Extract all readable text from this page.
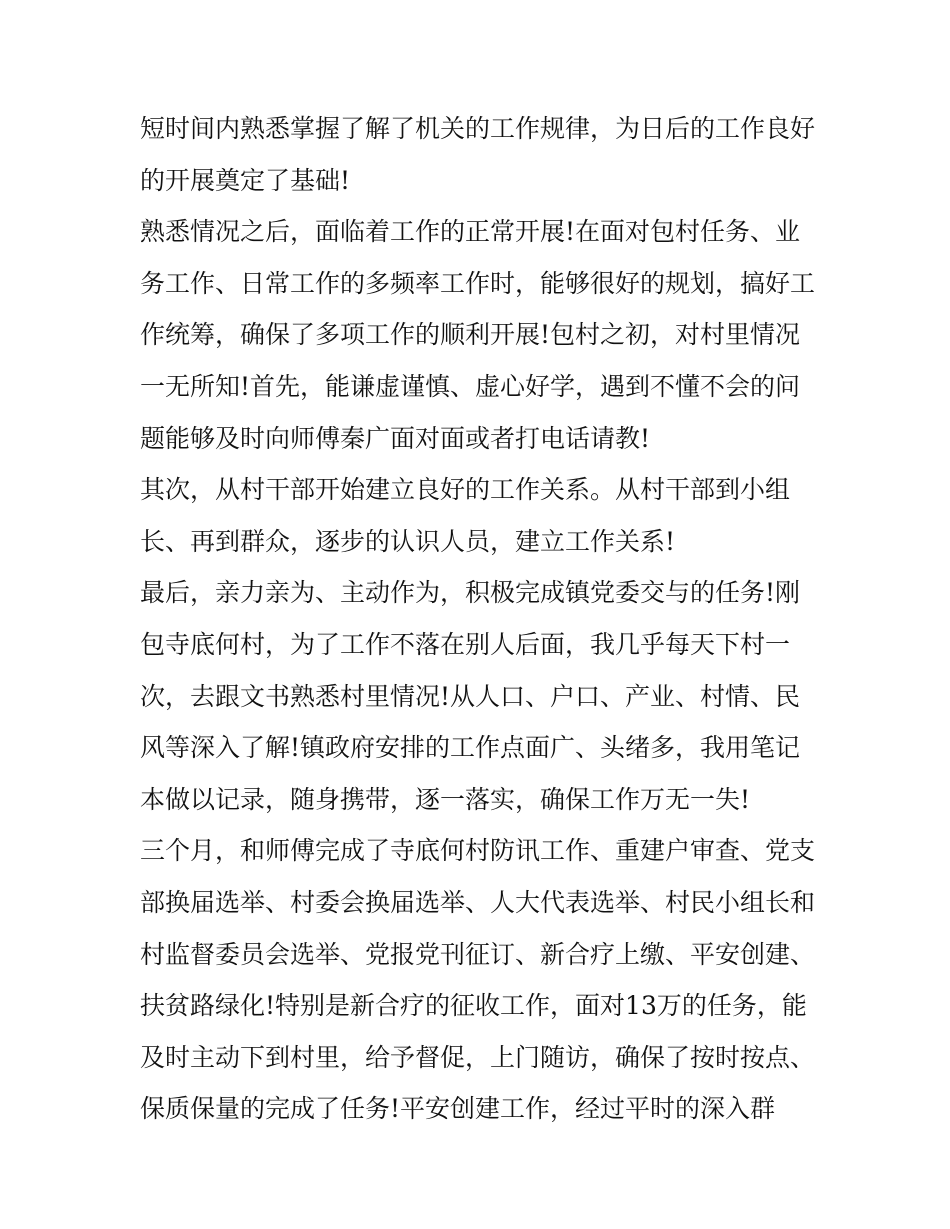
短时间内熟悉掌握了解了机关的工作规律，为日后的工作良好
的开展奠定了基础!
熟悉情况之后，面临着工作的正常开展!在面对包村任务、业
务工作、日常工作的多频率工作时，能够很好的规划，搞好工
作统筹，确保了多项工作的顺利开展!包村之初，对村里情况
一无所知!首先，能谦虚谨慎、虚心好学，遇到不懂不会的问
题能够及时向师傅秦广面对面或者打电话请教!
其次，从村干部开始建立良好的工作关系。从村干部到小组
长、再到群众，逐步的认识人员，建立工作关系!
最后，亲力亲为、主动作为，积极完成镇党委交与的任务!刚
包寺底何村，为了工作不落在别人后面，我几乎每天下村一
次，去跟文书熟悉村里情况!从人口、户口、产业、村情、民
风等深入了解!镇政府安排的工作点面广、头绪多，我用笔记
本做以记录，随身携带，逐一落实，确保工作万无一失!
三个月，和师傅完成了寺底何村防讯工作、重建户审查、党支
部换届选举、村委会换届选举、人大代表选举、村民小组长和
村监督委员会选举、党报党刊征订、新合疗上缴、平安创建、
扶贫路绿化!特别是新合疗的征收工作，面对13万的任务，能
及时主动下到村里，给予督促，上门随访，确保了按时按点、
保质保量的完成了任务!平安创建工作，经过平时的深入群
